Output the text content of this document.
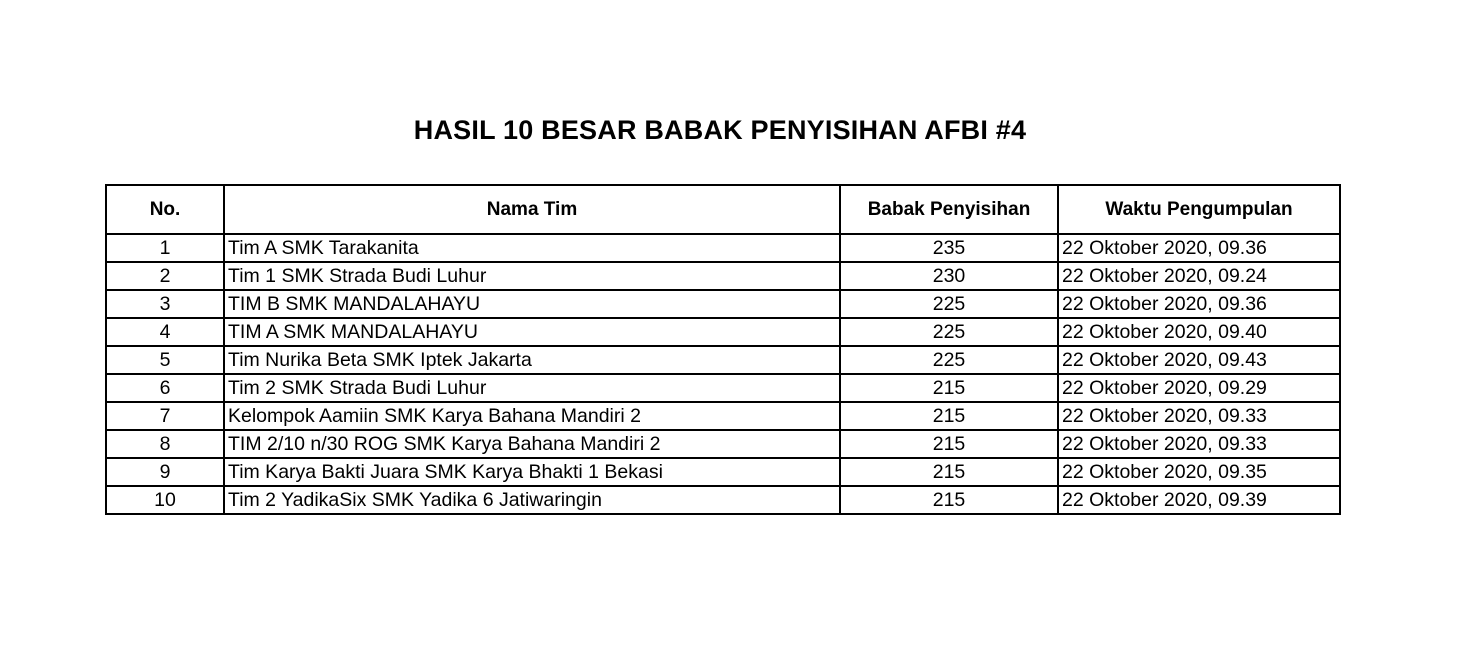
HASIL 10 BESAR BABAK PENYISIHAN AFBI #4
No.	Nama Tim	Babak Penyisihan	Waktu Pengumpulan
1	Tim A SMK Tarakanita	235	22 Oktober 2020, 09.36
2	Tim 1 SMK Strada Budi Luhur	230	22 Oktober 2020, 09.24
3	TIM B SMK MANDALAHAYU	225	22 Oktober 2020, 09.36
4	TIM A SMK MANDALAHAYU	225	22 Oktober 2020, 09.40
5	Tim Nurika Beta SMK Iptek Jakarta	225	22 Oktober 2020, 09.43
6	Tim 2 SMK Strada Budi Luhur	215	22 Oktober 2020, 09.29
7	Kelompok Aamiin SMK Karya Bahana Mandiri 2	215	22 Oktober 2020, 09.33
8	TIM 2/10 n/30 ROG SMK Karya Bahana Mandiri 2	215	22 Oktober 2020, 09.33
9	Tim Karya Bakti Juara SMK Karya Bhakti 1 Bekasi	215	22 Oktober 2020, 09.35
10	Tim 2 YadikaSix SMK Yadika 6 Jatiwaringin	215	22 Oktober 2020, 09.39
